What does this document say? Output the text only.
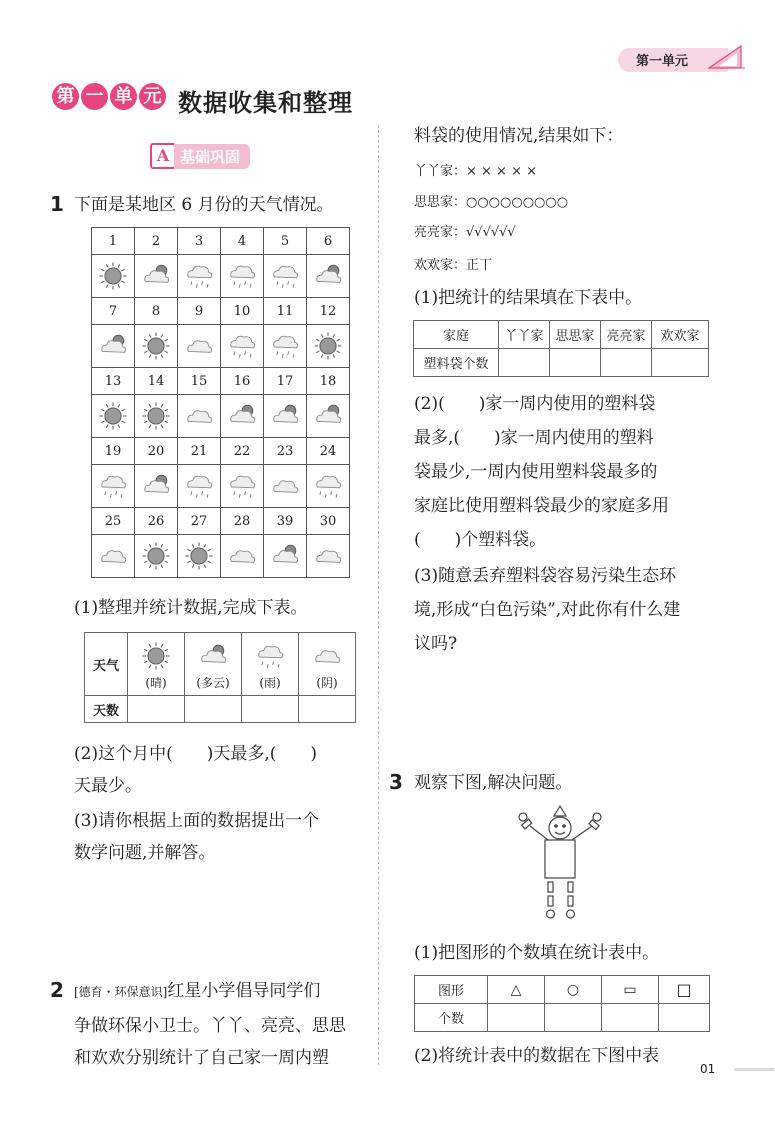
第一单元
第 一 单 元 数据收集和整理
A 基础巩固
1 下面是某地区 6 月份的天气情况。
1	2	3	4	5	6

7	8	9	10	11	12

13	14	15	16	17	18

19	20	21	22	23	24

25	26	27	28	39	30

(1)整理并统计数据,完成下表。
天气	(晴)	(多云)	(雨)	(阴)

天数				
(2)这个月中(　　)天最多,(　　)
天最少。
(3)请你根据上面的数据提出一个
数学问题,并解答。
2 [德育・环保意识]红星小学倡导同学们
争做环保小卫士。丫丫、亮亮、思思
和欢欢分别统计了自己家一周内塑
料袋的使用情况,结果如下：
丫丫家：× × × × ×
思思家：○○○○○○○○○
亮亮家：√√√√√√
欢欢家：正丅
(1)把统计的结果填在下表中。
家庭	丫丫家	思思家	亮亮家	欢欢家
塑料袋个数				
(2)(　　)家一周内使用的塑料袋
最多,(　　)家一周内使用的塑料
袋最少,一周内使用塑料袋最多的
家庭比使用塑料袋最少的家庭多用
(　　)个塑料袋。
(3)随意丢弃塑料袋容易污染生态环
境,形成“白色污染”,对此你有什么建
议吗?
3 观察下图,解决问题。
(1)把图形的个数填在统计表中。
图形	△	○	▭	□
个数				
(2)将统计表中的数据在下图中表
01
